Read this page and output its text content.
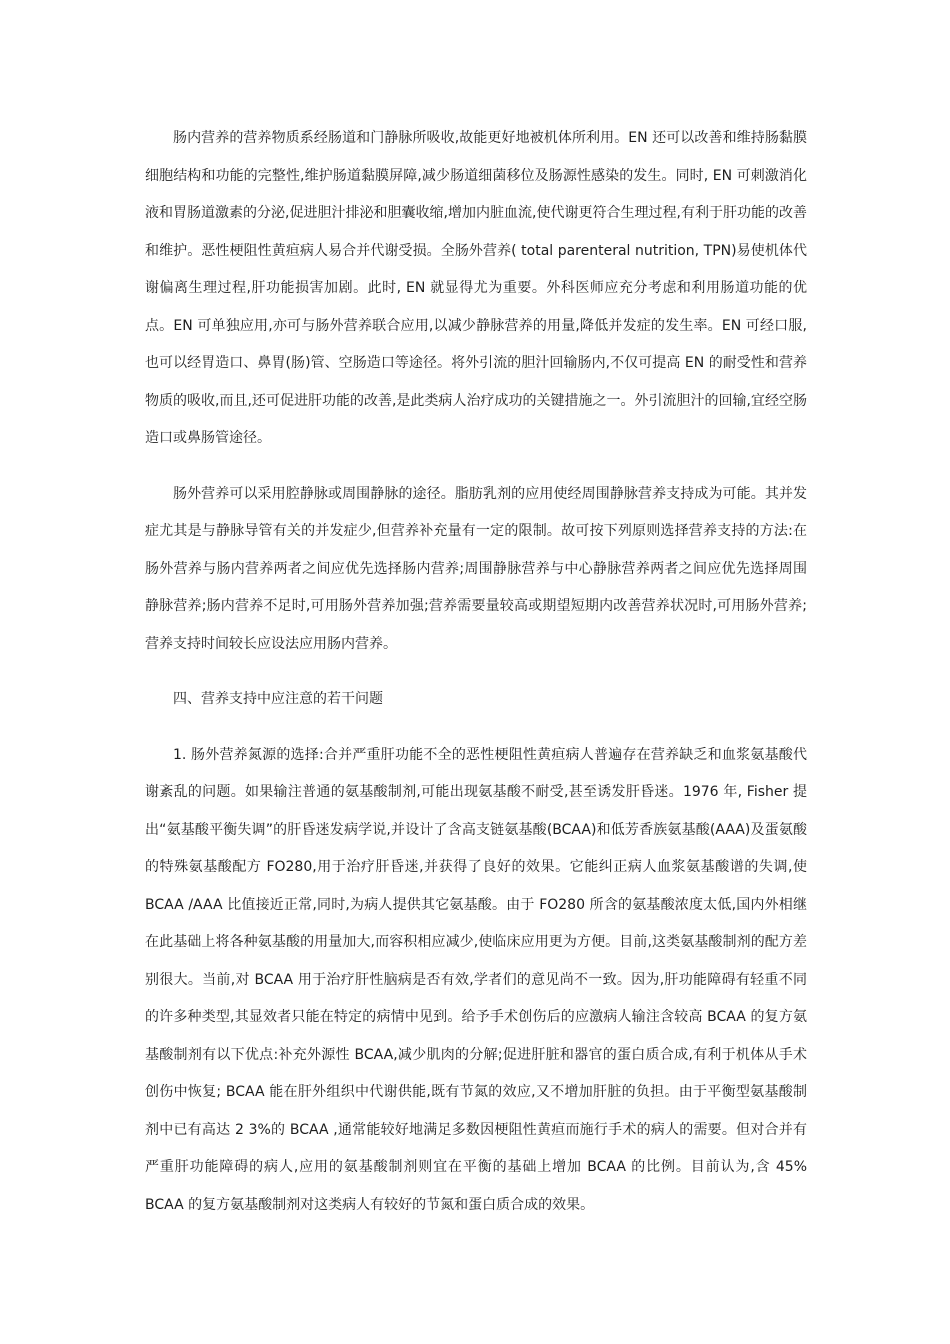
肠内营养的营养物质系经肠道和门静脉所吸收,故能更好地被机体所利用。EN 还可以改善和维持肠黏膜细胞结构和功能的完整性,维护肠道黏膜屏障,减少肠道细菌移位及肠源性感染的发生。同时, EN 可刺激消化液和胃肠道激素的分泌,促进胆汁排泌和胆囊收缩,增加内脏血流,使代谢更符合生理过程,有利于肝功能的改善和维护。恶性梗阻性黄疸病人易合并代谢受损。全肠外营养( total parenteral nutrition, TPN)易使机体代谢偏离生理过程,肝功能损害加剧。此时, EN 就显得尤为重要。外科医师应充分考虑和利用肠道功能的优点。EN 可单独应用,亦可与肠外营养联合应用,以减少静脉营养的用量,降低并发症的发生率。EN 可经口服,也可以经胃造口、鼻胃(肠)管、空肠造口等途径。将外引流的胆汁回输肠内,不仅可提高 EN 的耐受性和营养物质的吸收,而且,还可促进肝功能的改善,是此类病人治疗成功的关键措施之一。外引流胆汁的回输,宜经空肠造口或鼻肠管途径。

肠外营养可以采用腔静脉或周围静脉的途径。脂肪乳剂的应用使经周围静脉营养支持成为可能。其并发症尤其是与静脉导管有关的并发症少,但营养补充量有一定的限制。故可按下列原则选择营养支持的方法:在肠外营养与肠内营养两者之间应优先选择肠内营养;周围静脉营养与中心静脉营养两者之间应优先选择周围静脉营养;肠内营养不足时,可用肠外营养加强;营养需要量较高或期望短期内改善营养状况时,可用肠外营养;营养支持时间较长应设法应用肠内营养。

四、营养支持中应注意的若干问题

1. 肠外营养氮源的选择:合并严重肝功能不全的恶性梗阻性黄疸病人普遍存在营养缺乏和血浆氨基酸代谢紊乱的问题。如果输注普通的氨基酸制剂,可能出现氨基酸不耐受,甚至诱发肝昏迷。1976 年, Fisher 提出“氨基酸平衡失调”的肝昏迷发病学说,并设计了含高支链氨基酸(BCAA)和低芳香族氨基酸(AAA)及蛋氨酸的特殊氨基酸配方 FO280,用于治疗肝昏迷,并获得了良好的效果。它能纠正病人血浆氨基酸谱的失调,使 BCAA /AAA 比值接近正常,同时,为病人提供其它氨基酸。由于 FO280 所含的氨基酸浓度太低,国内外相继在此基础上将各种氨基酸的用量加大,而容积相应减少,使临床应用更为方便。目前,这类氨基酸制剂的配方差别很大。当前,对 BCAA 用于治疗肝性脑病是否有效,学者们的意见尚不一致。因为,肝功能障碍有轻重不同的许多种类型,其显效者只能在特定的病情中见到。给予手术创伤后的应激病人输注含较高 BCAA 的复方氨基酸制剂有以下优点:补充外源性 BCAA,减少肌肉的分解;促进肝脏和器官的蛋白质合成,有利于机体从手术创伤中恢复; BCAA 能在肝外组织中代谢供能,既有节氮的效应,又不增加肝脏的负担。由于平衡型氨基酸制剂中已有高达 2 3%的 BCAA ,通常能较好地满足多数因梗阻性黄疸而施行手术的病人的需要。但对合并有严重肝功能障碍的病人,应用的氨基酸制剂则宜在平衡的基础上增加 BCAA 的比例。目前认为,含 45% BCAA 的复方氨基酸制剂对这类病人有较好的节氮和蛋白质合成的效果。
